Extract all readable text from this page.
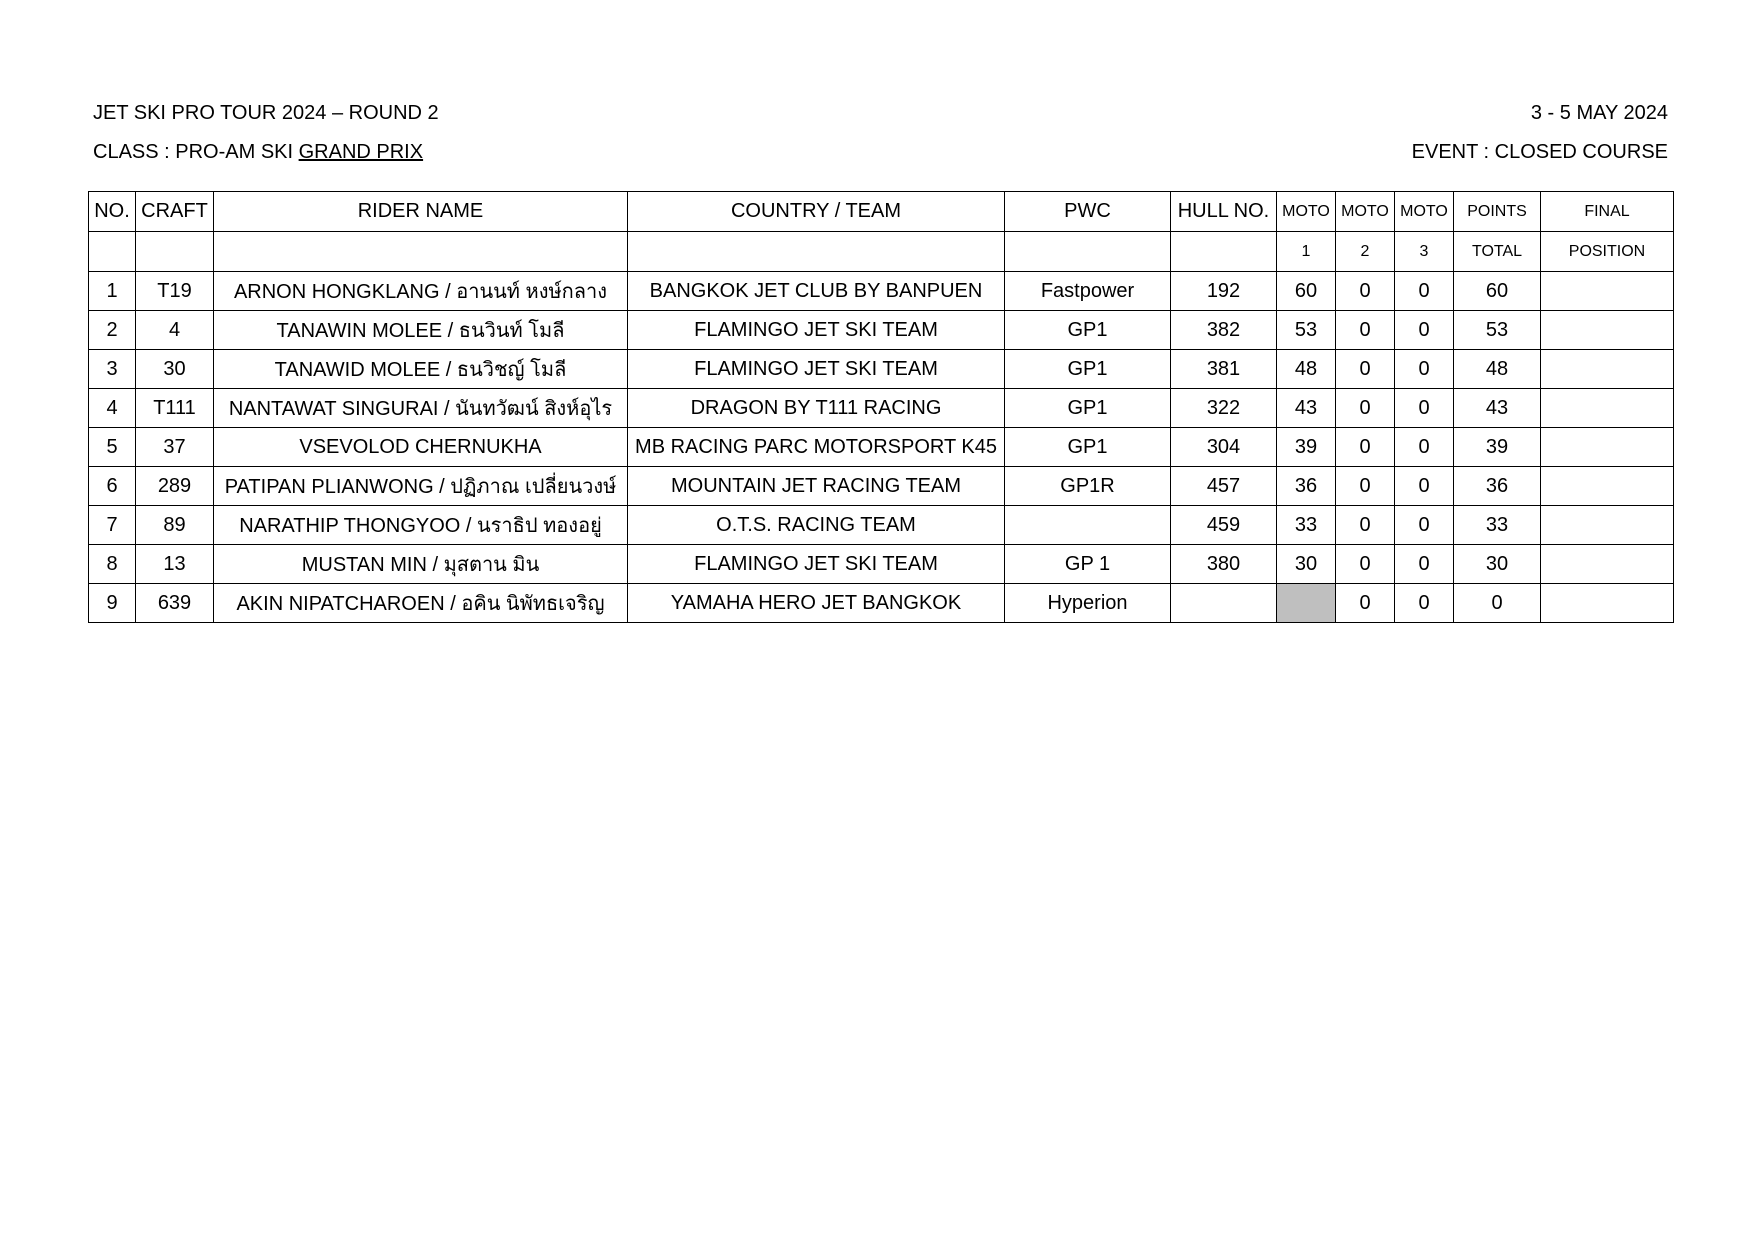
JET SKI PRO TOUR 2024 – ROUND 2
CLASS : PRO-AM SKI GRAND PRIX
3 - 5 MAY 2024
EVENT : CLOSED COURSE
NO.	CRAFT	RIDER NAME	COUNTRY / TEAM	PWC	HULL NO.	MOTO	MOTO	MOTO	POINTS	FINAL
						1	2	3	TOTAL	POSITION
1	T19	ARNON HONGKLANG / อานนท์ หงษ์กลาง	BANGKOK JET CLUB BY BANPUEN	Fastpower	192	60	0	0	60	
2	4	TANAWIN MOLEE / ธนวินท์ โมลี	FLAMINGO JET SKI TEAM	GP1	382	53	0	0	53	
3	30	TANAWID MOLEE / ธนวิชญ์ โมลี	FLAMINGO JET SKI TEAM	GP1	381	48	0	0	48	
4	T111	NANTAWAT SINGURAI / นันทวัฒน์ สิงห์อุไร	DRAGON BY T111 RACING	GP1	322	43	0	0	43	
5	37	VSEVOLOD CHERNUKHA	MB RACING PARC MOTORSPORT K45	GP1	304	39	0	0	39	
6	289	PATIPAN PLIANWONG / ปฏิภาณ เปลี่ยนวงษ์	MOUNTAIN JET RACING TEAM	GP1R	457	36	0	0	36	
7	89	NARATHIP THONGYOO / นราธิป ทองอยู่	O.T.S. RACING TEAM		459	33	0	0	33	
8	13	MUSTAN MIN / มุสตาน มิน	FLAMINGO JET SKI TEAM	GP 1	380	30	0	0	30	
9	639	AKIN NIPATCHAROEN / อคิน นิพัทธเจริญ	YAMAHA HERO JET BANGKOK	Hyperion			0	0	0	
